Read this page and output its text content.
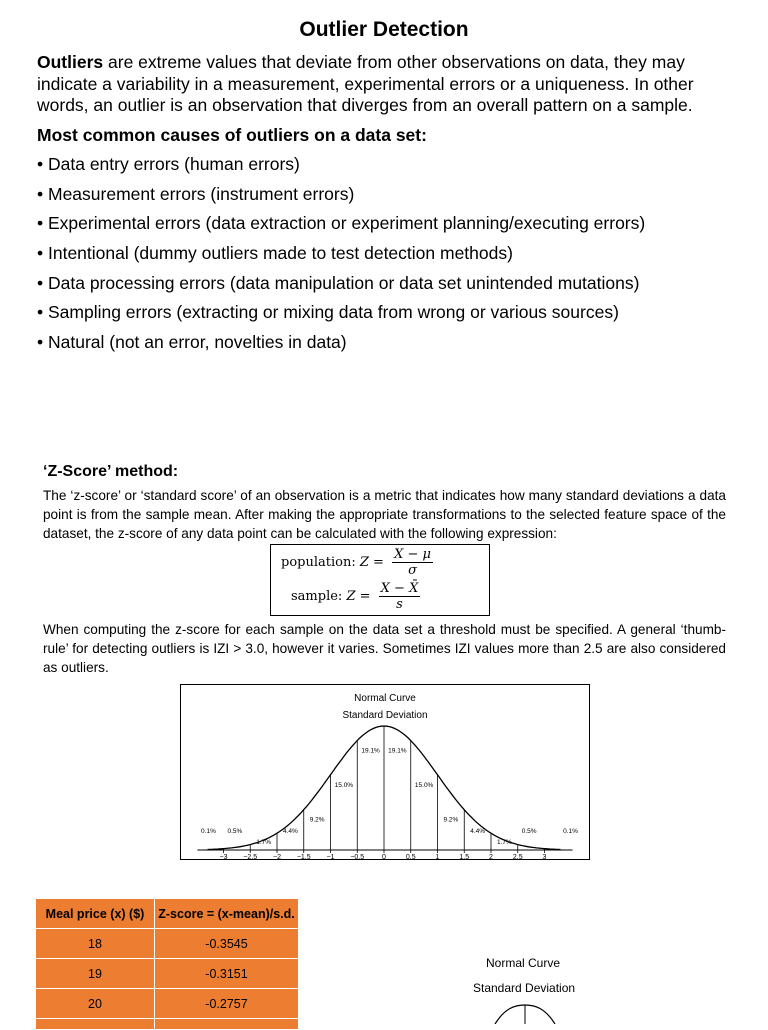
Outlier Detection
Outliers are extreme values that deviate from other observations on data, they may indicate a variability in a measurement, experimental errors or a uniqueness. In other words, an outlier is an observation that diverges from an overall pattern on a sample.
Most common causes of outliers on a data set:
• Data entry errors (human errors)
• Measurement errors (instrument errors)
• Experimental errors (data extraction or experiment planning/executing errors)
• Intentional (dummy outliers made to test detection methods)
• Data processing errors (data manipulation or data set unintended mutations)
• Sampling errors (extracting or mixing data from wrong or various sources)
• Natural (not an error, novelties in data)
‘Z-Score’ method:
The ‘z-score’ or ‘standard score’ of an observation is a metric that indicates how many standard deviations a data point is from the sample mean. After making the appropriate transformations to the selected feature space of the dataset, the z-score of any data point can be calculated with the following expression:
population: $Z = \frac{X - \mu}{\sigma}$
sample: $Z = \frac{X - X̄}{s}$
When computing the z-score for each sample on the data set a threshold must be specified. A general ‘thumb-rule’ for detecting outliers is IZI > 3.0, however it varies. Sometimes IZI values more than 2.5 are also considered as outliers.
Normal Curve
Standard Deviation
−3 −2.5 −2 −1.5 −1 −0.5	0	0.5	1	1.5	2	2.5	3
0.1% 0.5%
1.7%
4.4%
9.2%
15.0%
19.1% 19.1%
15.0%
9.2%
4.4%
1.7%
0.5%	0.1%
Meal price (x) ($)	Z-score = (x-mean)/s.d.
18	-0.3545
19	-0.3151
20	-0.2757

Normal Curve
Standard Deviation
